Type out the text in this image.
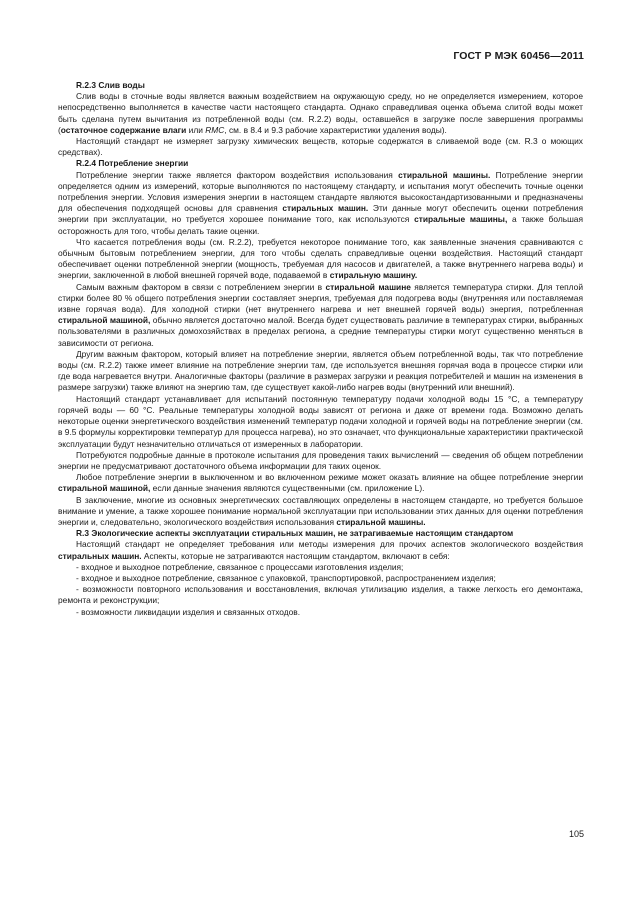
ГОСТ Р МЭК 60456—2011
R.2.3 Слив воды

Слив воды в сточные воды является важным воздействием на окружающую среду, но не определяется измерением, которое непосредственно выполняется в качестве части настоящего стандарта. Однако справедливая оценка объема слитой воды может быть сделана путем вычитания из потребленной воды (см. R.2.2) воды, оставшейся в загрузке после завершения программы (остаточное содержание влаги или RMC, см. в 8.4 и 9.3 рабочие характеристики удаления воды).

Настоящий стандарт не измеряет загрузку химических веществ, которые содержатся в сливаемой воде (см. R.3 о моющих средствах).

R.2.4 Потребление энергии

Потребление энергии также является фактором воздействия использования стиральной машины. Потребление энергии определяется одним из измерений, которые выполняются по настоящему стандарту, и испытания могут обеспечить точные оценки потребления энергии. Условия измерения энергии в настоящем стандарте являются высокостандартизованными и предназначены для обеспечения подходящей основы для сравнения стиральных машин. Эти данные могут обеспечить оценки потребления энергии при эксплуатации, но требуется хорошее понимание того, как используются стиральные машины, а также большая осторожность для того, чтобы делать такие оценки.

Что касается потребления воды (см. R.2.2), требуется некоторое понимание того, как заявленные значения сравниваются с обычным бытовым потреблением энергии, для того чтобы сделать справедливые оценки воздействия. Настоящий стандарт обеспечивает оценки потребленной энергии (мощность, требуемая для насосов и двигателей, а также внутреннего нагрева воды) и энергии, заключенной в любой внешней горячей воде, подаваемой в стиральную машину.

Самым важным фактором в связи с потреблением энергии в стиральной машине является температура стирки. Для теплой стирки более 80 % общего потребления энергии составляет энергия, требуемая для подогрева воды (внутренняя или поставляемая извне горячая вода). Для холодной стирки (нет внутреннего нагрева и нет внешней горячей воды) энергия, потребленная стиральной машиной, обычно является достаточно малой. Всегда будет существовать различие в температурах стирки, выбранных пользователями в различных домохозяйствах в пределах региона, а средние температуры стирки могут существенно меняться в зависимости от региона.

Другим важным фактором, который влияет на потребление энергии, является объем потребленной воды, так что потребление воды (см. R.2.2) также имеет влияние на потребление энергии там, где используется внешняя горячая вода в процессе стирки или где вода нагревается внутри. Аналогичные факторы (различие в размерах загрузки и реакция потребителей и машин на изменения в размере загрузки) также влияют на энергию там, где существует какой-либо нагрев воды (внутренний или внешний).

Настоящий стандарт устанавливает для испытаний постоянную температуру подачи холодной воды 15 °С, а температуру горячей воды — 60 °С. Реальные температуры холодной воды зависят от региона и даже от времени года. Возможно делать некоторые оценки энергетического воздействия изменений температур подачи холодной и горячей воды на потребление энергии (см. в 9.5 формулы корректировки температур для процесса нагрева), но это означает, что функциональные характеристики практической эксплуатации будут незначительно отличаться от измеренных в лаборатории.

Потребуются подробные данные в протоколе испытания для проведения таких вычислений — сведения об общем потреблении энергии не предусматривают достаточного объема информации для таких оценок.

Любое потребление энергии в выключенном и во включенном режиме может оказать влияние на общее потребление энергии стиральной машиной, если данные значения являются существенными (см. приложение L).

В заключение, многие из основных энергетических составляющих определены в настоящем стандарте, но требуется большое внимание и умение, а также хорошее понимание нормальной эксплуатации при использовании этих данных для оценки потребления энергии и, следовательно, экологического воздействия использования стиральной машины.

R.3 Экологические аспекты эксплуатации стиральных машин, не затрагиваемые настоящим стандартом

Настоящий стандарт не определяет требования или методы измерения для прочих аспектов экологического воздействия стиральных машин. Аспекты, которые не затрагиваются настоящим стандартом, включают в себя:

- входное и выходное потребление, связанное с процессами изготовления изделия;
- входное и выходное потребление, связанное с упаковкой, транспортировкой, распространением изделия;
- возможности повторного использования и восстановления, включая утилизацию изделия, а также легкость его демонтажа, ремонта и реконструкции;
- возможности ликвидации изделия и связанных отходов.
105
